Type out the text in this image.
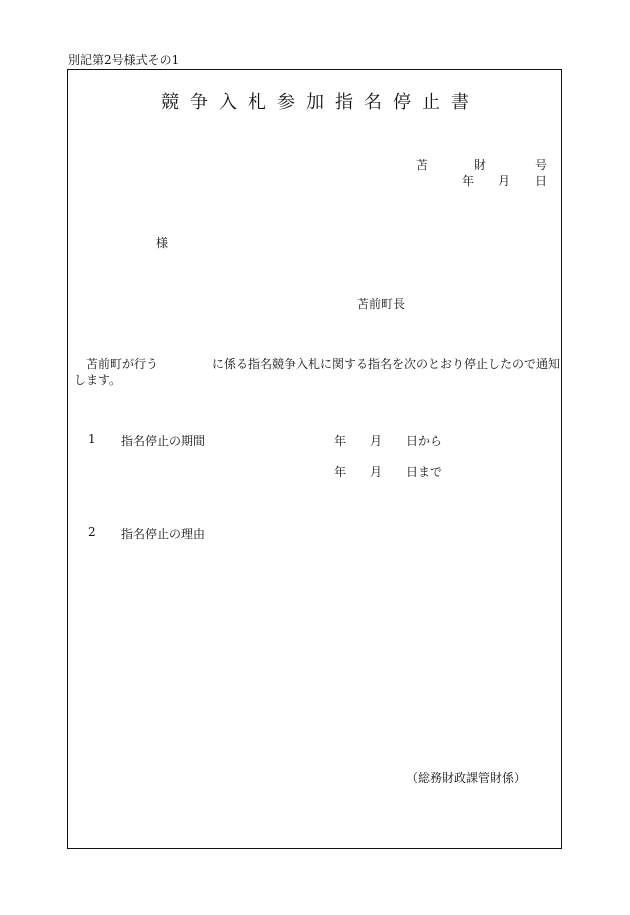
別記第2号様式その1
競争入札参加指名停止書
苫	財	号
年 月 日
様
苫前町長
苫前町が行う	に係る指名競争入札に関する指名を次のとおり停止したので通知
します。
1 指名停止の期間	年 月 日から
年 月 日まで
2 指名停止の理由
（総務財政課管財係）
